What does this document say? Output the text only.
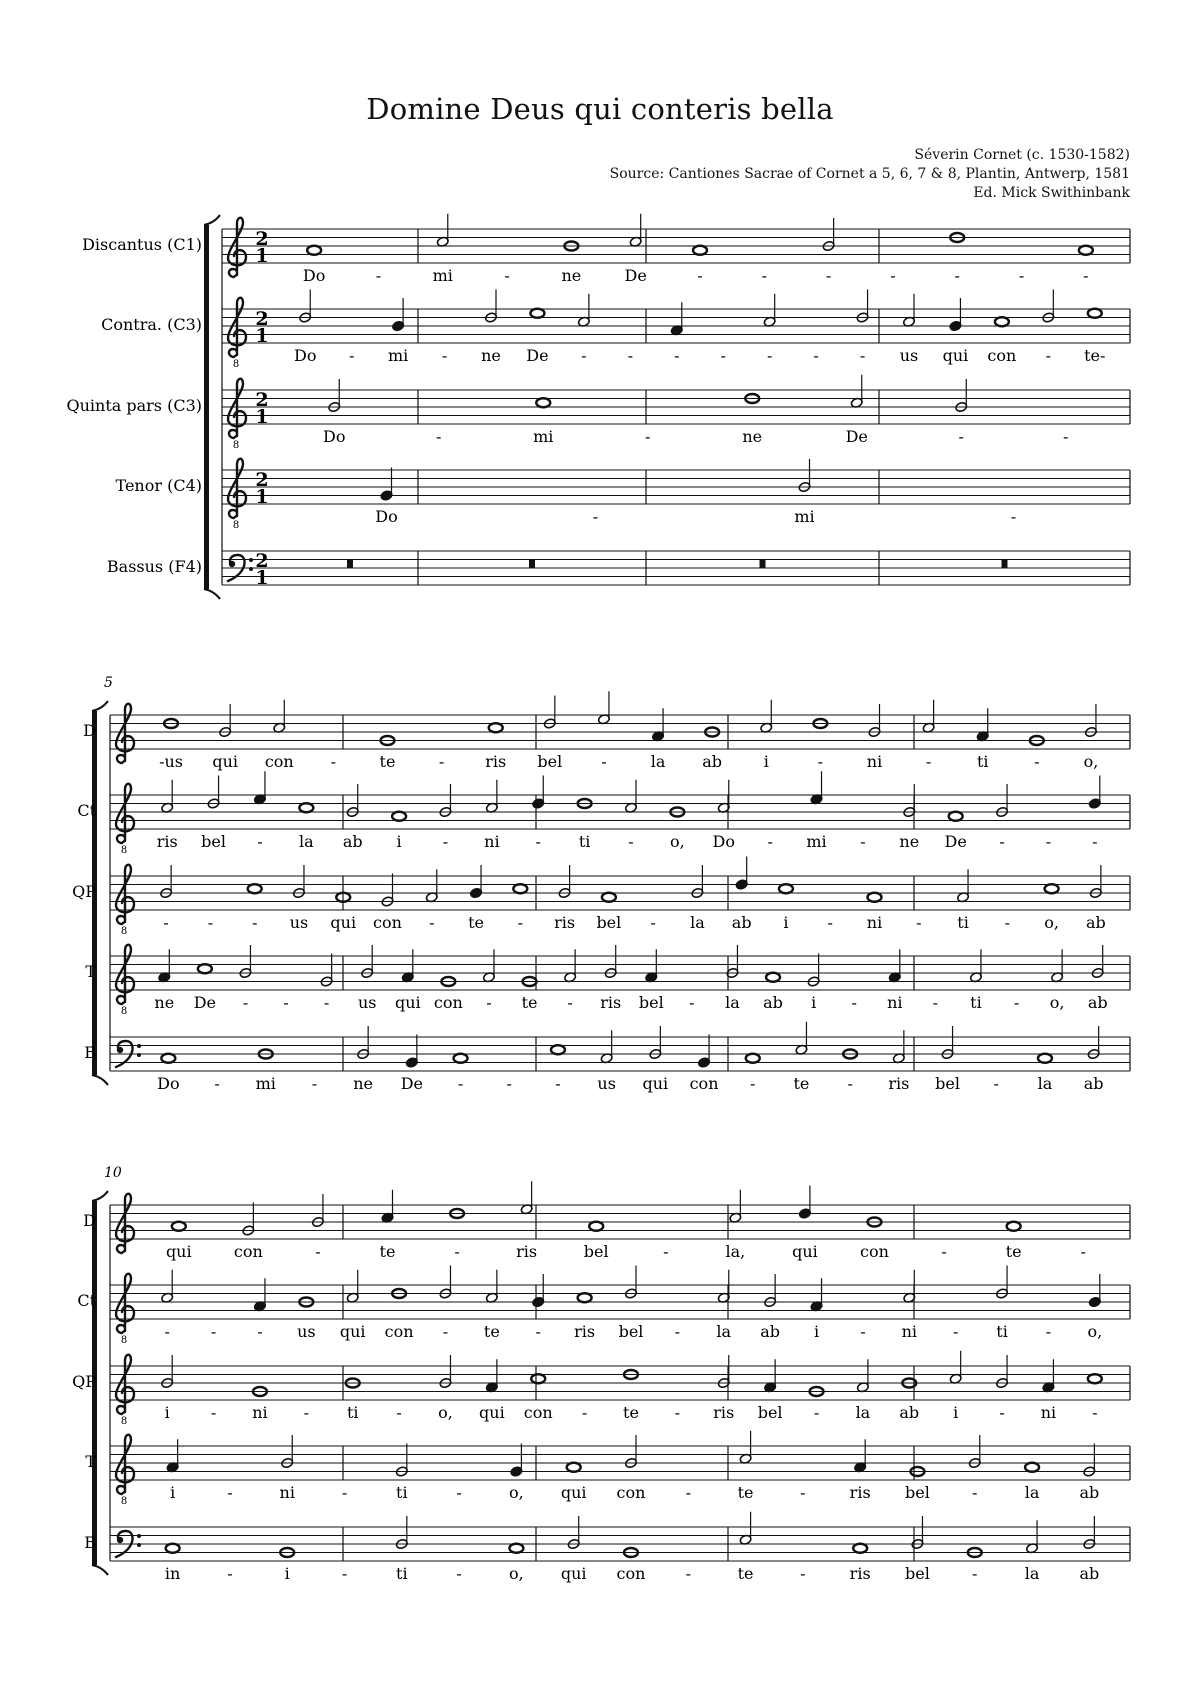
Domine Deus qui conteris bella
Séverin Cornet (c. 1530-1582)
Source: Cantiones Sacrae of Cornet a 5, 6, 7 & 8, Plantin, Antwerp, 1581
Ed. Mick Swithinbank
Discantus (C1)	2
1
Do	-	mi	-	ne	De	-	-	-	-	-	-	-
Contra. (C3)
8
2
1
Do - mi - ne De -	-	-	-	-	-	- us qui con - te-
Quinta pars (C3)
8
2
1
Do	-	mi	-	ne	De	-	-
Tenor (C4)
8
2
1
Do	-	mi	-
Bassus (F4)	2
1
5
D
-us qui con -	te	-	ris bel -	la ab	i	-	ni	-	ti	-	o,
Ct
8 ris bel - la ab i	- ni - ti - o, Do - mi - ne De -	-	-
QP
8 - - - us qui con - te - ris bel - la ab i - ni - ti - o, ab
T
8 ne De - - - us qui con - te - ris bel - la ab i - ni - ti - o, ab
B
Do - mi - ne De -	-	- us qui con - te - ris bel - la ab
10
D
qui	con	-	te	-	ris	bel	-	la,	qui	con	-	te	-
Ct
8 -	-	- us qui con - te - ris bel - la ab i	- ni - ti - o,
QP
8 i	- ni - ti - o, qui con - te - ris bel - la ab i	- ni -
T
8	i	-	ni	-	ti	-	o, qui con	-	te	-	ris bel	-	la	ab
B
in	-	i	-	ti	-	o, qui con	-	te	-	ris bel	-	la	ab
